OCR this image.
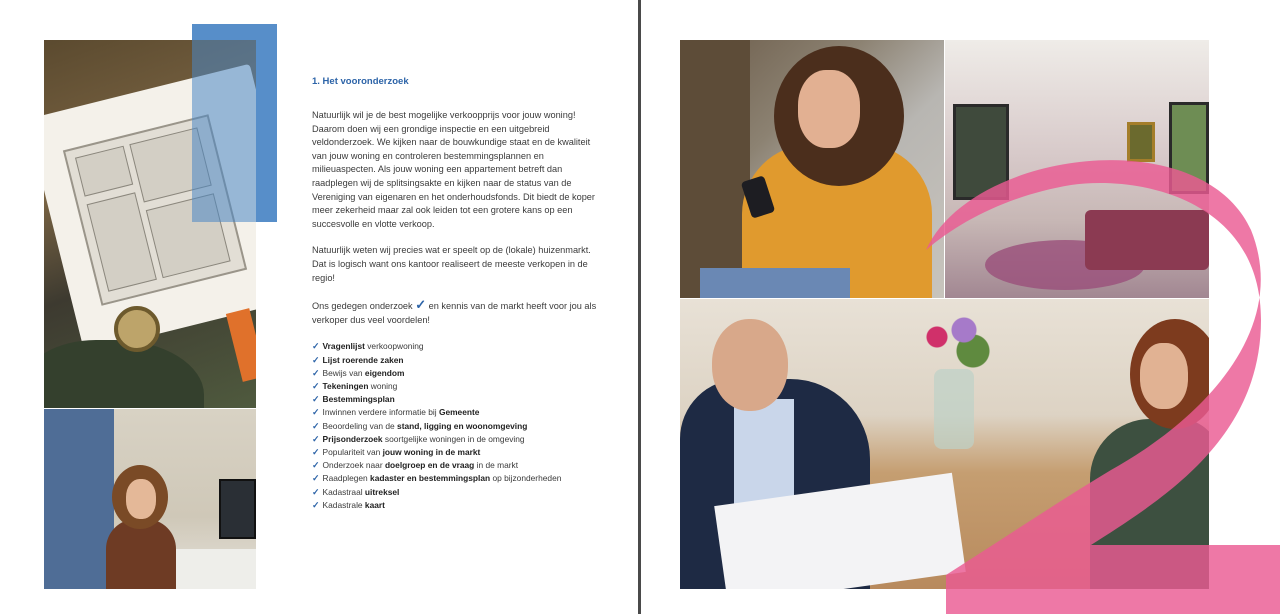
1. Het vooronderzoek

Natuurlijk wil je de best mogelijke verkoopprijs voor jouw woning!
Daarom doen wij een grondige inspectie en een uitgebreid veldonderzoek. We kijken naar de bouwkundige staat en de kwaliteit van jouw woning en controleren bestemmingsplannen en milieuaspecten. Als jouw woning een appartement betreft dan raadplegen wij de splitsingsakte en kijken naar de status van de Vereniging van eigenaren en het onderhoudsfonds. Dit biedt de koper meer zekerheid maar zal ook leiden tot een grotere kans op een succesvolle en vlotte verkoop.

Natuurlijk weten wij precies wat er speelt op de (lokale) huizenmarkt. Dat is logisch want ons kantoor realiseert de meeste verkopen in de regio!

Ons gedegen onderzoek ✓ en kennis van de markt heeft voor jou als verkoper dus veel voordelen!

✓ Vragenlijst verkoopwoning
✓ Lijst roerende zaken
✓ Bewijs van eigendom
✓ Tekeningen woning
✓ Bestemmingsplan
✓ Inwinnen verdere informatie bij Gemeente
✓ Beoordeling van de stand, ligging en woonomgeving
✓ Prijsonderzoek soortgelijke woningen in de omgeving
✓ Populariteit van jouw woning in de markt
✓ Onderzoek naar doelgroep en de vraag in de markt
✓ Raadplegen kadaster en bestemmingsplan op bijzonderheden
✓ Kadastraal uitreksel
✓ Kadastrale kaart
